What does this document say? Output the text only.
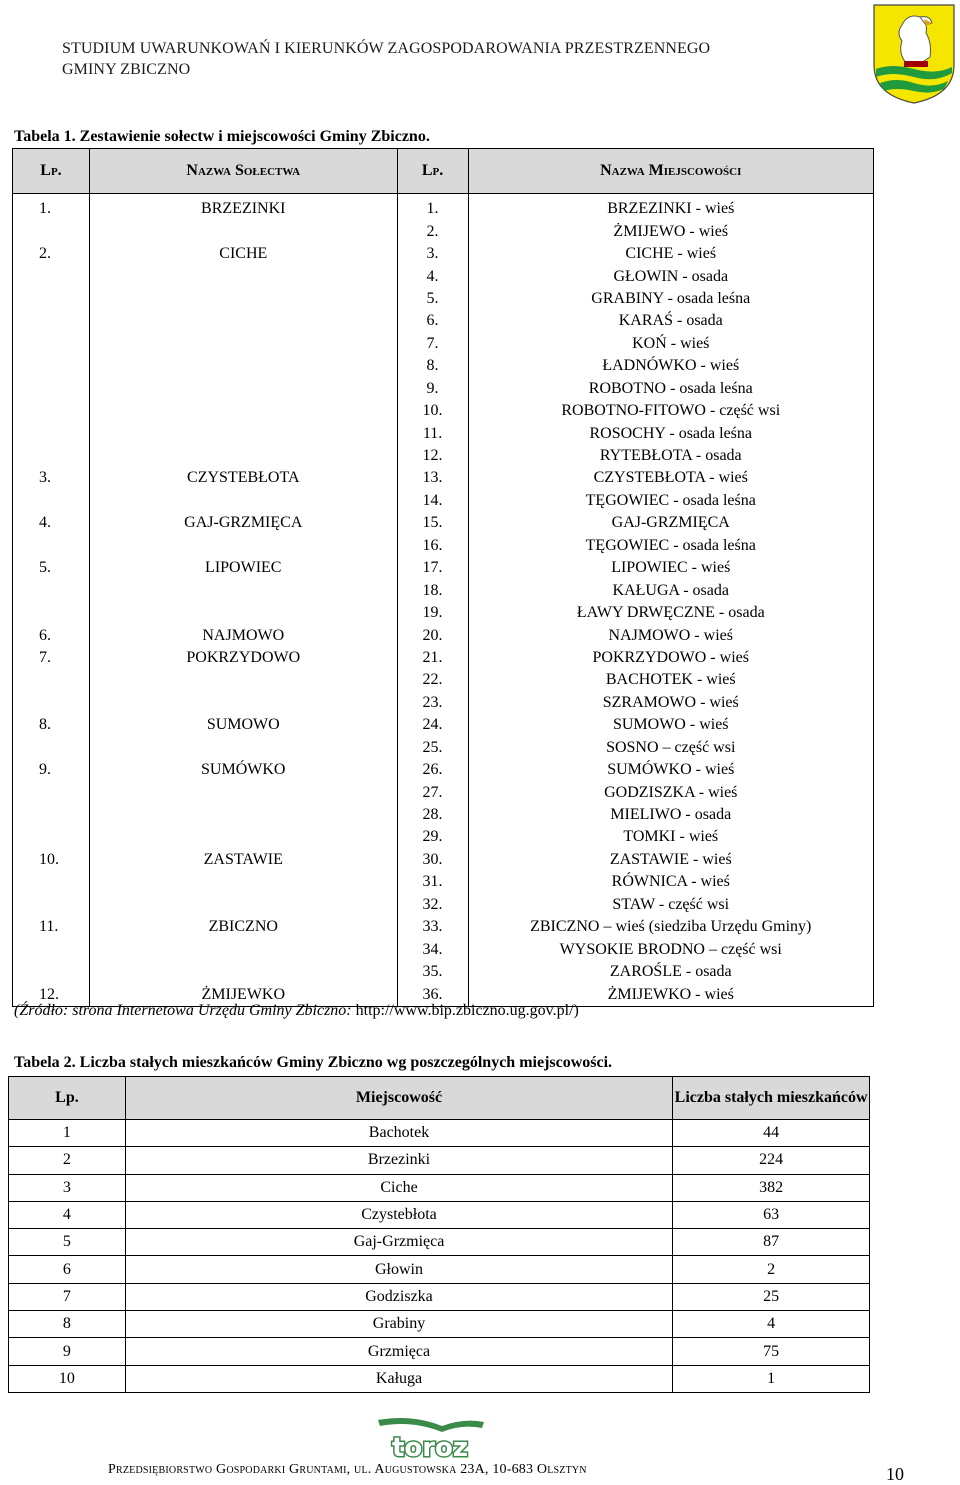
STUDIUM UWARUNKOWAŃ I KIERUNKÓW ZAGOSPODAROWANIA PRZESTRZENNEGO
GMINY ZBICZNO
Tabela 1. Zestawienie sołectw i miejscowości Gminy Zbiczno.
Lp.	Nazwa Sołectwa	Lp.	Nazwa Miejscowości
1.	BRZEZINKI	1.	BRZEZINKI - wieś
		2.	ŻMIJEWO - wieś
2.	CICHE	3.	CICHE - wieś
		4.	GŁOWIN - osada
		5.	GRABINY - osada leśna
		6.	KARAŚ - osada
		7.	KOŃ - wieś
		8.	ŁADNÓWKO - wieś
		9.	ROBOTNO - osada leśna
		10.	ROBOTNO-FITOWO - część wsi
		11.	ROSOCHY - osada leśna
		12.	RYTEBŁOTA - osada
3.	CZYSTEBŁOTA	13.	CZYSTEBŁOTA - wieś
		14.	TĘGOWIEC - osada leśna
4.	GAJ-GRZMIĘCA	15.	GAJ-GRZMIĘCA
		16.	TĘGOWIEC - osada leśna
5.	LIPOWIEC	17.	LIPOWIEC - wieś
		18.	KAŁUGA - osada
		19.	ŁAWY DRWĘCZNE - osada
6.	NAJMOWO	20.	NAJMOWO - wieś
7.	POKRZYDOWO	21.	POKRZYDOWO - wieś
		22.	BACHOTEK - wieś
		23.	SZRAMOWO - wieś
8.	SUMOWO	24.	SUMOWO - wieś
		25.	SOSNO – część wsi
9.	SUMÓWKO	26.	SUMÓWKO - wieś
		27.	GODZISZKA - wieś
		28.	MIELIWO - osada
		29.	TOMKI - wieś
10.	ZASTAWIE	30.	ZASTAWIE - wieś
		31.	RÓWNICA - wieś
		32.	STAW - część wsi
11.	ZBICZNO	33.	ZBICZNO – wieś (siedziba Urzędu Gminy)
		34.	WYSOKIE BRODNO – część wsi
		35.	ZAROŚLE - osada
12.	ŻMIJEWKO	36.	ŻMIJEWKO - wieś
(Źródło: strona Internetowa Urzędu Gminy Zbiczno: http://www.bip.zbiczno.ug.gov.pl/)
Tabela 2. Liczba stałych mieszkańców Gminy Zbiczno wg poszczególnych miejscowości.
Lp.	Miejscowość	Liczba stałych mieszkańców
1	Bachotek	44
2	Brzezinki	224
3	Ciche	382
4	Czystebłota	63
5	Gaj-Grzmięca	87
6	Głowin	2
7	Godziszka	25
8	Grabiny	4
9	Grzmięca	75
10	Kaługa	1
toroz
Przedsiębiorstwo Gospodarki Gruntami, ul. Augustowska 23A, 10-683 Olsztyn	10
